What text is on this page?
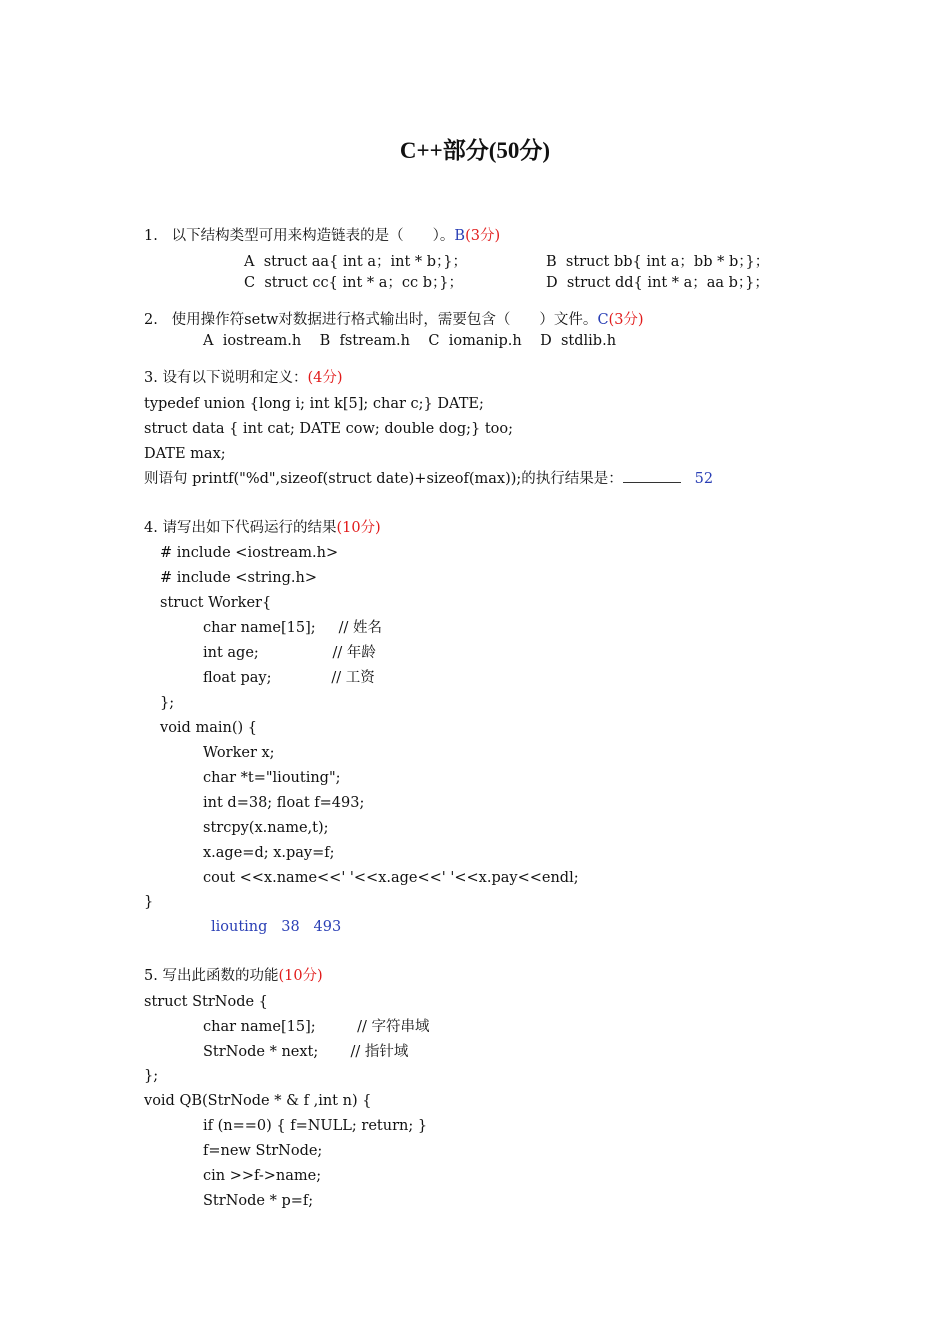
C++部分(50分)
1. 以下结构类型可用来构造链表的是（　　）。B(3分)
A  struct aa{ int a；int * b；}；	B  struct bb{ int a；bb * b；}；
C  struct cc{ int * a；cc b；}；	D  struct dd{ int * a；aa b；}；
2. 使用操作符setw对数据进行格式输出时，需要包含（　　）文件。C(3分)
A  iostream.h    B  fstream.h    C  iomanip.h    D  stdlib.h
3. 设有以下说明和定义：(4分)
typedef union {long i; int k[5]; char c;} DATE;
struct data { int cat; DATE cow; double dog;} too;
DATE max;
则语句 printf("%d",sizeof(struct date)+sizeof(max));的执行结果是：	52
4. 请写出如下代码运行的结果(10分)
# include <iostream.h>
# include <string.h>
struct Worker{
char name[15];     // 姓名
int age;                // 年龄
float pay;             // 工资
};
void main() {
Worker x;
char *t="liouting";
int d=38; float f=493;
strcpy(x.name,t);
x.age=d; x.pay=f;
cout <<x.name<<' '<<x.age<<' '<<x.pay<<endl;
}
liouting   38   493
5. 写出此函数的功能(10分)
struct StrNode {
char name[15];         // 字符串域
StrNode * next;       // 指针域
};
void QB(StrNode * & f ,int n) {
if (n==0) { f=NULL; return; }
f=new StrNode;
cin >>f->name;
StrNode * p=f;
